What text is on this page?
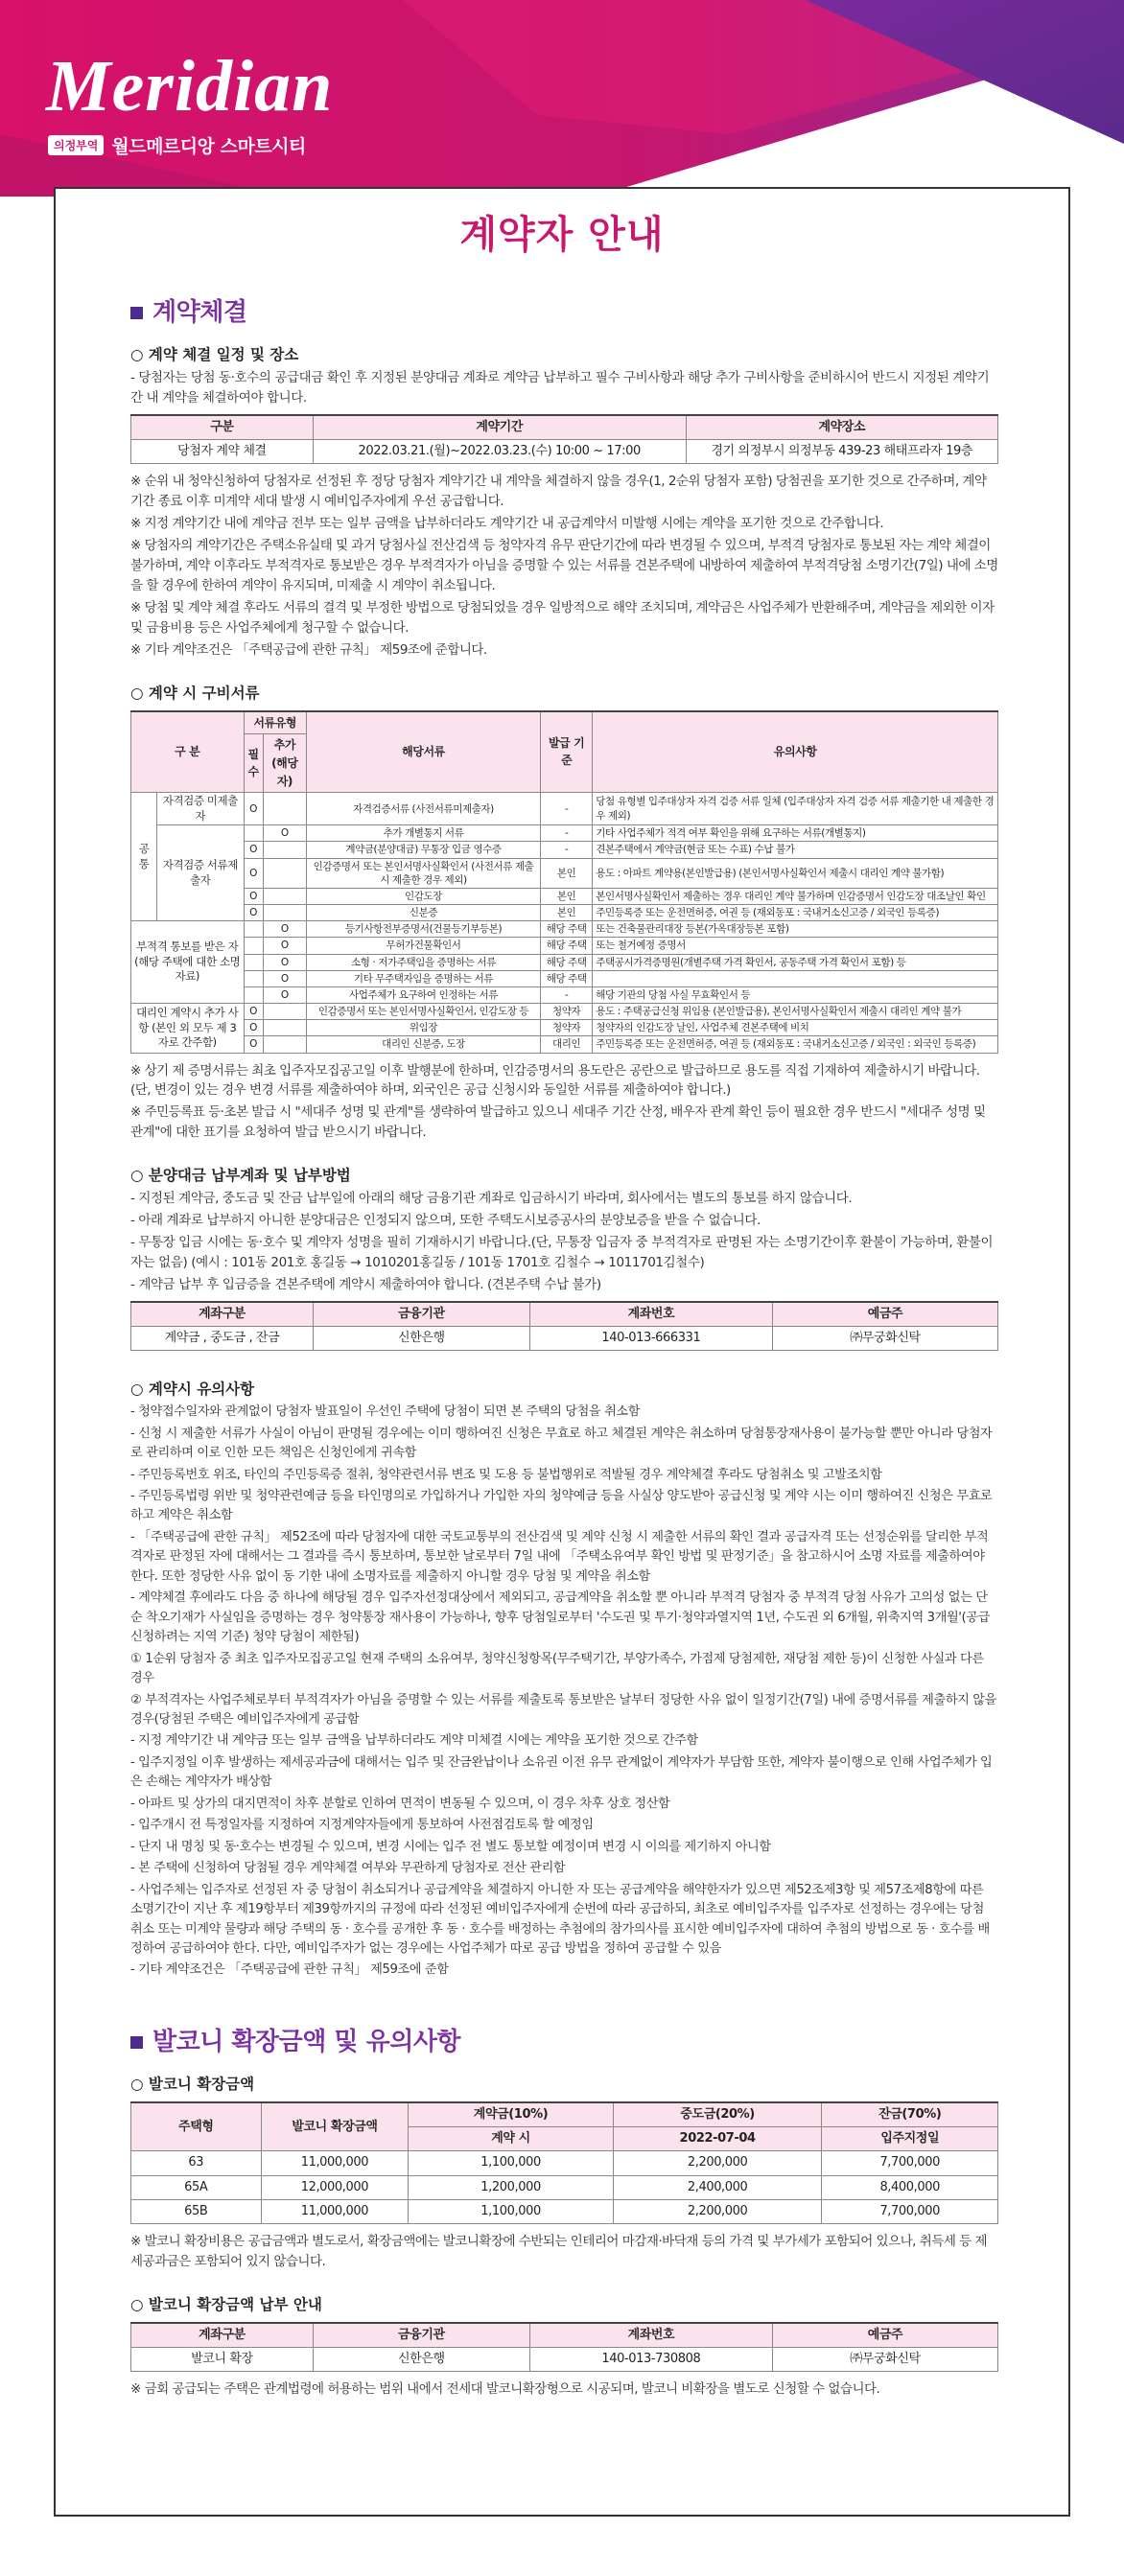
Meridian
의정부역 월드메르디앙 스마트시티
계약자 안내
계약체결
○ 계약 체결 일정 및 장소
- 당첨자는 당첨 동·호수의 공급대금 확인 후 지정된 분양대금 계좌로 계약금 납부하고 필수 구비사항과 해당 추가 구비사항을 준비하시어 반드시 지정된 계약기간 내 계약을 체결하여야 합니다.
구분	계약기간	계약장소
당첨자 계약 체결	2022.03.21.(월)~2022.03.23.(수) 10:00 ~ 17:00	경기 의정부시 의정부동 439-23 해태프라자 19층
※ 순위 내 청약신청하여 당첨자로 선정된 후 정당 당첨자 계약기간 내 계약을 체결하지 않을 경우(1, 2순위 당첨자 포함) 당첨권을 포기한 것으로 간주하며, 계약기간 종료 이후 미계약 세대 발생 시 예비입주자에게 우선 공급합니다.
※ 지정 계약기간 내에 계약금 전부 또는 일부 금액을 납부하더라도 계약기간 내 공급계약서 미발행 시에는 계약을 포기한 것으로 간주합니다.
※ 당첨자의 계약기간은 주택소유실태 및 과거 당첨사실 전산검색 등 청약자격 유무 판단기간에 따라 변경될 수 있으며, 부적격 당첨자로 통보된 자는 계약 체결이 불가하며, 계약 이후라도 부적격자로 통보받은 경우 부적격자가 아님을 증명할 수 있는 서류를 견본주택에 내방하여 제출하여 부적격당첨 소명기간(7일) 내에 소명을 할 경우에 한하여 계약이 유지되며, 미제출 시 계약이 취소됩니다.
※ 당첨 및 계약 체결 후라도 서류의 결격 및 부정한 방법으로 당첨되었을 경우 일방적으로 해약 조치되며, 계약금은 사업주체가 반환해주며, 계약금을 제외한 이자 및 금융비용 등은 사업주체에게 청구할 수 없습니다.
※ 기타 계약조건은 「주택공급에 관한 규칙」 제59조에 준합니다.
○ 계약 시 구비서류
구 분		서류유형		해당서류	발급 기준	유의사항
		필수	추가 (해당자)			
공 통	자격검증 미제출자	O		자격검증서류 (사전서류미제출자)	-	당첨 유형별 입주대상자 자격 검증 서류 일체 (입주대상자 자격 검증 서류 제출기한 내 제출한 경우 제외)
	자격검증 서류제출자		O	추가 개별통지 서류	-	기타 사업주체가 적격 여부 확인을 위해 요구하는 서류(개별통지)
		O		계약금(분양대금) 무통장 입금 영수증	-	견본주택에서 계약금(현금 또는 수표) 수납 불가
		O		인감증명서 또는 본인서명사실확인서 (사전서류 제출 시 제출한 경우 제외)	본인	용도 : 아파트 계약용(본인발급용) (본인서명사실확인서 제출시 대리인 계약 불가함)
		O		인감도장	본인	본인서명사실확인서 제출하는 경우 대리인 계약 불가하며 인감증명서 인감도장 대조날인 확인
		O		신분증	본인	주민등록증 또는 운전면허증, 여권 등 (재외동포 : 국내거소신고증 / 외국인 등록증)
부적격 통보를 받은 자 (해당 주택에 대한 소명자료)			O	등기사항전부증명서(건물등기부등본)	해당 주택	또는 건축물관리대장 등본(가옥대장등본 포함)
			O	무허가건물확인서	해당 주택	또는 철거예정 증명서
			O	소형 · 저가주택임을 증명하는 서류	해당 주택	주택공시가격증명원(개별주택 가격 확인서, 공동주택 가격 확인서 포함) 등
			O	기타 무주택자임을 증명하는 서류	해당 주택	
			O	사업주체가 요구하여 인정하는 서류	-	해당 기관의 당첨 사실 무효확인서 등
대리인 계약시 추가 사항 (본인 외 모두 제 3자로 간주함)		O		인감증명서 또는 본인서명사실확인서, 인감도장 등	청약자	용도 : 주택공급신청 위임용 (본인발급용), 본인서명사실확인서 제출시 대리인 계약 불가
		O		위임장	청약자	청약자의 인감도장 날인, 사업주체 견본주택에 비치
		O		대리인 신분증, 도장	대리인	주민등록증 또는 운전면허증, 여권 등 (재외동포 : 국내거소신고증 / 외국인 : 외국인 등록증)
※ 상기 제 증명서류는 최초 입주자모집공고일 이후 발행분에 한하며, 인감증명서의 용도란은 공란으로 발급하므로 용도를 직접 기재하여 제출하시기 바랍니다. (단, 변경이 있는 경우 변경 서류를 제출하여야 하며, 외국인은 공급 신청시와 동일한 서류를 제출하여야 합니다.)
※ 주민등록표 등·초본 발급 시 "세대주 성명 및 관계"를 생략하여 발급하고 있으니 세대주 기간 산정, 배우자 관계 확인 등이 필요한 경우 반드시 "세대주 성명 및 관계"에 대한 표기를 요청하여 발급 받으시기 바랍니다.
○ 분양대금 납부계좌 및 납부방법
- 지정된 계약금, 중도금 및 잔금 납부일에 아래의 해당 금융기관 계좌로 입금하시기 바라며, 회사에서는 별도의 통보를 하지 않습니다.
- 아래 계좌로 납부하지 아니한 분양대금은 인정되지 않으며, 또한 주택도시보증공사의 분양보증을 받을 수 없습니다.
- 무통장 입금 시에는 동·호수 및 계약자 성명을 필히 기재하시기 바랍니다.(단, 무통장 입금자 중 부적격자로 판명된 자는 소명기간이후 환불이 가능하며, 환불이자는 없음) (예시 : 101동 201호 홍길동 → 1010201홍길동 / 101동 1701호 김철수 → 1011701김철수)
- 계약금 납부 후 입금증을 견본주택에 계약시 제출하여야 합니다. (견본주택 수납 불가)
계좌구분	금융기관	계좌번호	예금주
계약금 , 중도금 , 잔금	신한은행	140-013-666331	㈜무궁화신탁
○ 계약시 유의사항
- 청약접수일자와 관계없이 당첨자 발표일이 우선인 주택에 당첨이 되면 본 주택의 당첨을 취소함
- 신청 시 제출한 서류가 사실이 아님이 판명될 경우에는 이미 행하여진 신청은 무효로 하고 체결된 계약은 취소하며 당첨통장재사용이 불가능할 뿐만 아니라 당첨자로 관리하며 이로 인한 모든 책임은 신청인에게 귀속함
- 주민등록번호 위조, 타인의 주민등록증 절취, 청약관련서류 변조 및 도용 등 불법행위로 적발될 경우 계약체결 후라도 당첨취소 및 고발조치함
- 주민등록법령 위반 및 청약관련예금 등을 타인명의로 가입하거나 가입한 자의 청약예금 등을 사실상 양도받아 공급신청 및 계약 시는 이미 행하여진 신청은 무효로 하고 계약은 취소함
- 「주택공급에 관한 규칙」 제52조에 따라 당첨자에 대한 국토교통부의 전산검색 및 계약 신청 시 제출한 서류의 확인 결과 공급자격 또는 선정순위를 달리한 부적격자로 판정된 자에 대해서는 그 결과를 즉시 통보하며, 통보한 날로부터 7일 내에 「주택소유여부 확인 방법 및 판정기준」을 참고하시어 소명 자료를 제출하여야 한다. 또한 정당한 사유 없이 동 기한 내에 소명자료를 제출하지 아니할 경우 당첨 및 계약을 취소함
- 계약체결 후에라도 다음 중 하나에 해당될 경우 입주자선정대상에서 제외되고, 공급계약을 취소할 뿐 아니라 부적격 당첨자 중 부적격 당첨 사유가 고의성 없는 단순 착오기재가 사실임을 증명하는 경우 청약통장 재사용이 가능하나, 향후 당첨일로부터 '수도권 및 투기·청약과열지역 1년, 수도권 외 6개월, 위축지역 3개월'(공급신청하려는 지역 기준) 청약 당첨이 제한됨)
① 1순위 당첨자 중 최초 입주자모집공고일 현재 주택의 소유여부, 청약신청항목(무주택기간, 부양가족수, 가점제 당첨제한, 재당첨 제한 등)이 신청한 사실과 다른 경우
② 부적격자는 사업주체로부터 부적격자가 아님을 증명할 수 있는 서류를 제출토록 통보받은 날부터 정당한 사유 없이 일정기간(7일) 내에 증명서류를 제출하지 않을 경우(당첨된 주택은 예비입주자에게 공급함
- 지정 계약기간 내 계약금 또는 일부 금액을 납부하더라도 계약 미체결 시에는 계약을 포기한 것으로 간주함
- 입주지정일 이후 발생하는 제세공과금에 대해서는 입주 및 잔금완납이나 소유권 이전 유무 관계없이 계약자가 부담함 또한, 계약자 불이행으로 인해 사업주체가 입은 손해는 계약자가 배상함
- 아파트 및 상가의 대지면적이 차후 분할로 인하여 면적이 변동될 수 있으며, 이 경우 차후 상호 정산함
- 입주개시 전 특정일자를 지정하여 지정계약자들에게 통보하여 사전점검토록 할 예정임
- 단지 내 명칭 및 동·호수는 변경될 수 있으며, 변경 시에는 입주 전 별도 통보할 예정이며 변경 시 이의를 제기하지 아니함
- 본 주택에 신청하여 당첨될 경우 계약체결 여부와 무관하게 당첨자로 전산 관리함
- 사업주체는 입주자로 선정된 자 중 당첨이 취소되거나 공급계약을 체결하지 아니한 자 또는 공급계약을 해약한자가 있으면 제52조제3항 및 제57조제8항에 따른 소명기간이 지난 후 제19항부터 제39항까지의 규정에 따라 선정된 예비입주자에게 순번에 따라 공급하되, 최초로 예비입주자를 입주자로 선정하는 경우에는 당첨 취소 또는 미계약 물량과 해당 주택의 동 · 호수를 공개한 후 동 · 호수를 배정하는 추첨에의 참가의사를 표시한 예비입주자에 대하여 추첨의 방법으로 동 · 호수를 배정하여 공급하여야 한다. 다만, 예비입주자가 없는 경우에는 사업주체가 따로 공급 방법을 정하여 공급할 수 있음
- 기타 계약조건은 「주택공급에 관한 규칙」 제59조에 준함
발코니 확장금액 및 유의사항
○ 발코니 확장금액
주택형	발코니 확장금액	계약금(10%)	중도금(20%)	잔금(70%)
		계약 시	2022-07-04	입주지정일
63	11,000,000	1,100,000	2,200,000	7,700,000
65A	12,000,000	1,200,000	2,400,000	8,400,000
65B	11,000,000	1,100,000	2,200,000	7,700,000
※ 발코니 확장비용은 공급금액과 별도로서, 확장금액에는 발코니확장에 수반되는 인테리어 마감재·바닥재 등의 가격 및 부가세가 포함되어 있으나, 취득세 등 제세공과금은 포함되어 있지 않습니다.
○ 발코니 확장금액 납부 안내
계좌구분	금융기관	계좌번호	예금주
발코니 확장	신한은행	140-013-730808	㈜무궁화신탁
※ 금회 공급되는 주택은 관계법령에 허용하는 범위 내에서 전세대 발코니확장형으로 시공되며, 발코니 비확장을 별도로 신청할 수 없습니다.
